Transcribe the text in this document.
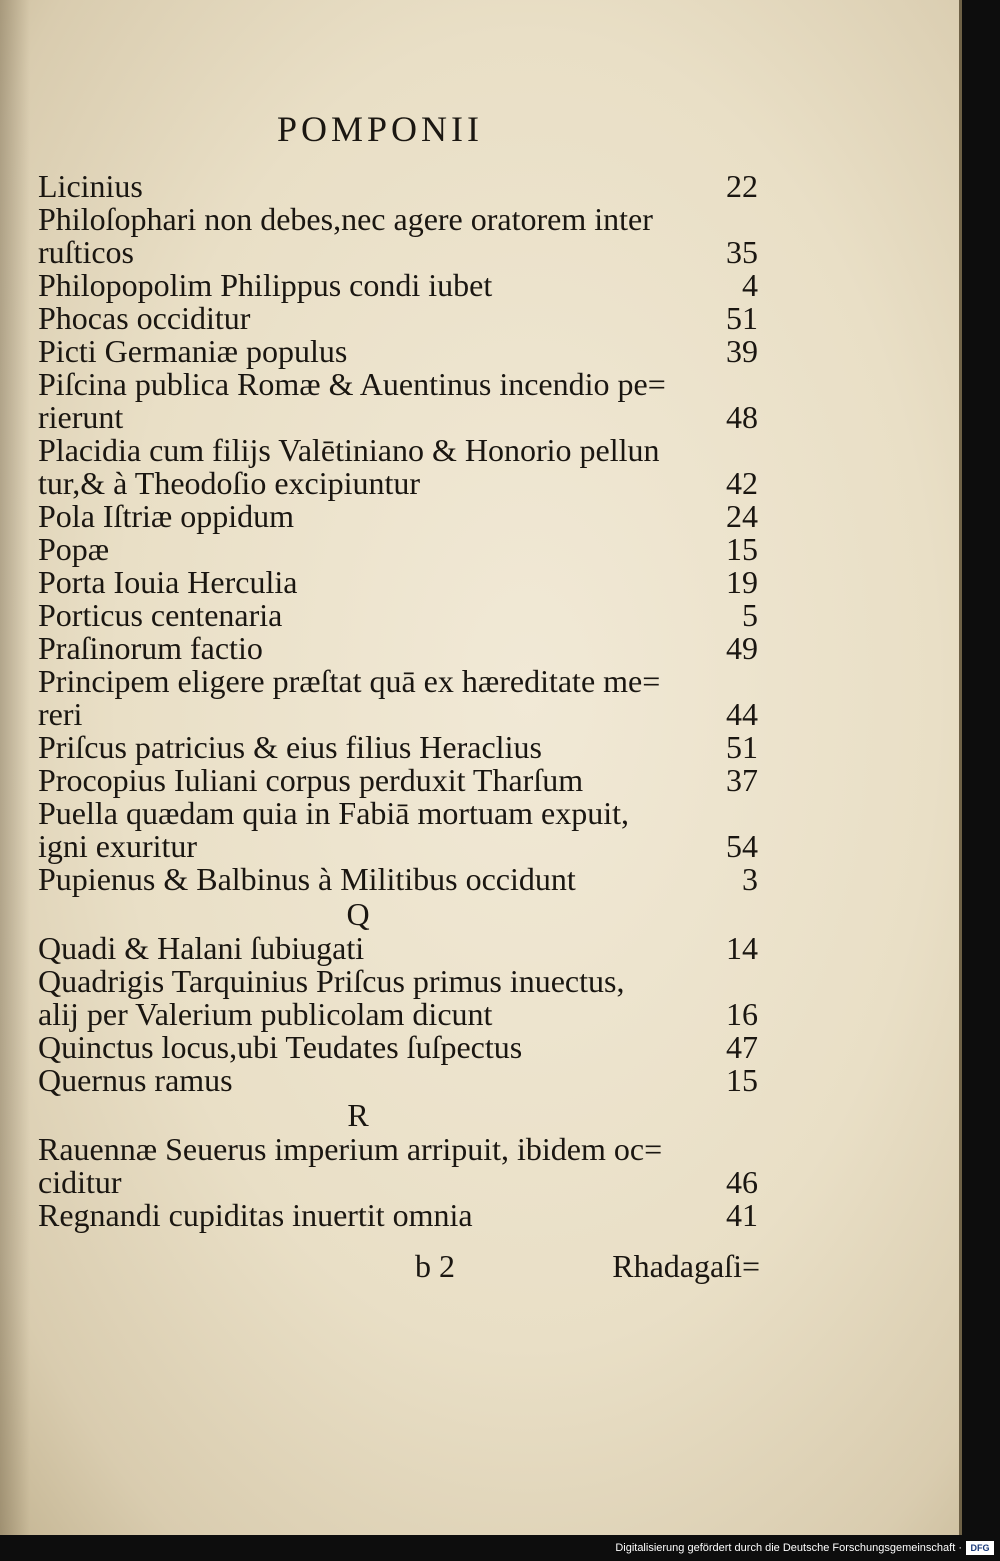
POMPONII
Licinius	22
Philoſophari non debes,nec agere oratorem inter
ruſticos	35
Philopopolim Philippus condi iubet	4
Phocas occiditur	51
Picti Germaniæ populus	39
Piſcina publica Romæ & Auentinus incendio pe=
rierunt	48
Placidia cum filijs Valētiniano & Honorio pellun
tur,& à Theodoſio excipiuntur	42
Pola Iſtriæ oppidum	24
Popæ	15
Porta Iouia Herculia	19
Porticus centenaria	5
Praſinorum factio	49
Principem eligere præſtat quā ex hæreditate me=
reri	44
Priſcus patricius & eius filius Heraclius	51
Procopius Iuliani corpus perduxit Tharſum	37
Puella quædam quia in Fabiā mortuam expuit,
igni exuritur	54
Pupienus & Balbinus à Militibus occidunt	3
Q
Quadi & Halani ſubiugati	14
Quadrigis Tarquinius Priſcus primus inuectus,
alij per Valerium publicolam dicunt	16
Quinctus locus,ubi Teudates ſuſpectus	47
Quernus ramus	15
R
Rauennæ Seuerus imperium arripuit, ibidem oc=
ciditur	46
Regnandi cupiditas inuertit omnia	41
b 2	Rhadagaſi=
Digitalisierung gefördert durch die Deutsche Forschungsgemeinschaft · DFG
